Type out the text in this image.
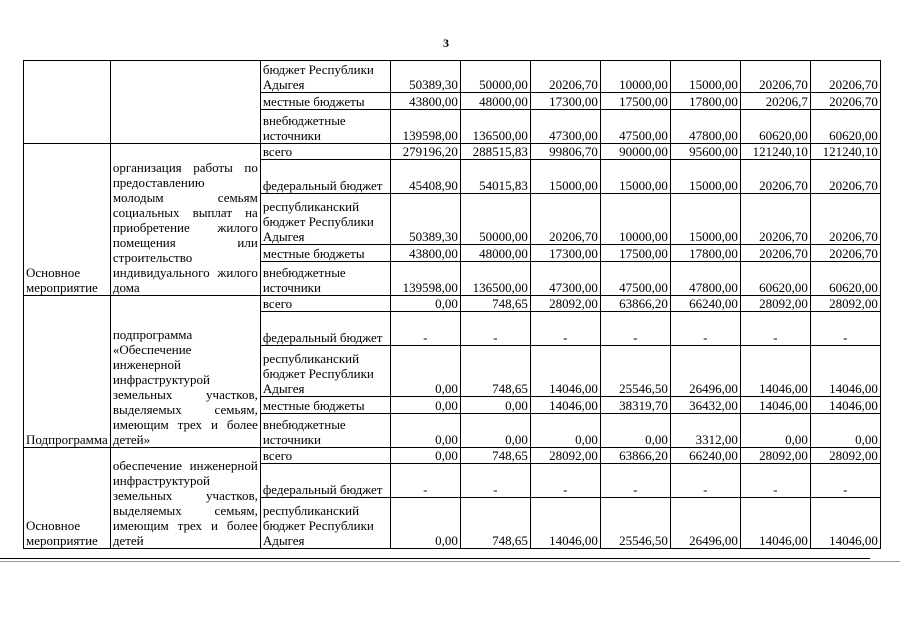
3
		бюджет Республики Адыгея	50389,30	50000,00	20206,70	10000,00	15000,00	20206,70	20206,70
		местные бюджеты	43800,00	48000,00	17300,00	17500,00	17800,00	20206,7	20206,70
		внебюджетные источники	139598,00	136500,00	47300,00	47500,00	47800,00	60620,00	60620,00
Основное мероприятие	организация работы по предоставлению молодым семьям социальных выплат на приобретение жилого помещения или строительство индивидуального жилого дома	всего	279196,20	288515,83	99806,70	90000,00	95600,00	121240,10	121240,10
		федеральный бюджет	45408,90	54015,83	15000,00	15000,00	15000,00	20206,70	20206,70
		республиканский бюджет Республики Адыгея	50389,30	50000,00	20206,70	10000,00	15000,00	20206,70	20206,70
		местные бюджеты	43800,00	48000,00	17300,00	17500,00	17800,00	20206,70	20206,70
		внебюджетные источники	139598,00	136500,00	47300,00	47500,00	47800,00	60620,00	60620,00
Подпрограмма	подпрограмма «Обеспечение инженерной инфраструктурой земельных участков, выделяемых семьям, имеющим трех и более детей»	всего	0,00	748,65	28092,00	63866,20	66240,00	28092,00	28092,00
		федеральный бюджет	-	-	-	-	-	-	-
		республиканский бюджет Республики Адыгея	0,00	748,65	14046,00	25546,50	26496,00	14046,00	14046,00
		местные бюджеты	0,00	0,00	14046,00	38319,70	36432,00	14046,00	14046,00
		внебюджетные источники	0,00	0,00	0,00	0,00	3312,00	0,00	0,00
Основное мероприятие	обеспечение инженерной инфраструктурой земельных участков, выделяемых семьям, имеющим трех и более детей	всего	0,00	748,65	28092,00	63866,20	66240,00	28092,00	28092,00
		федеральный бюджет	-	-	-	-	-	-	-
		республиканский бюджет Республики Адыгея	0,00	748,65	14046,00	25546,50	26496,00	14046,00	14046,00
